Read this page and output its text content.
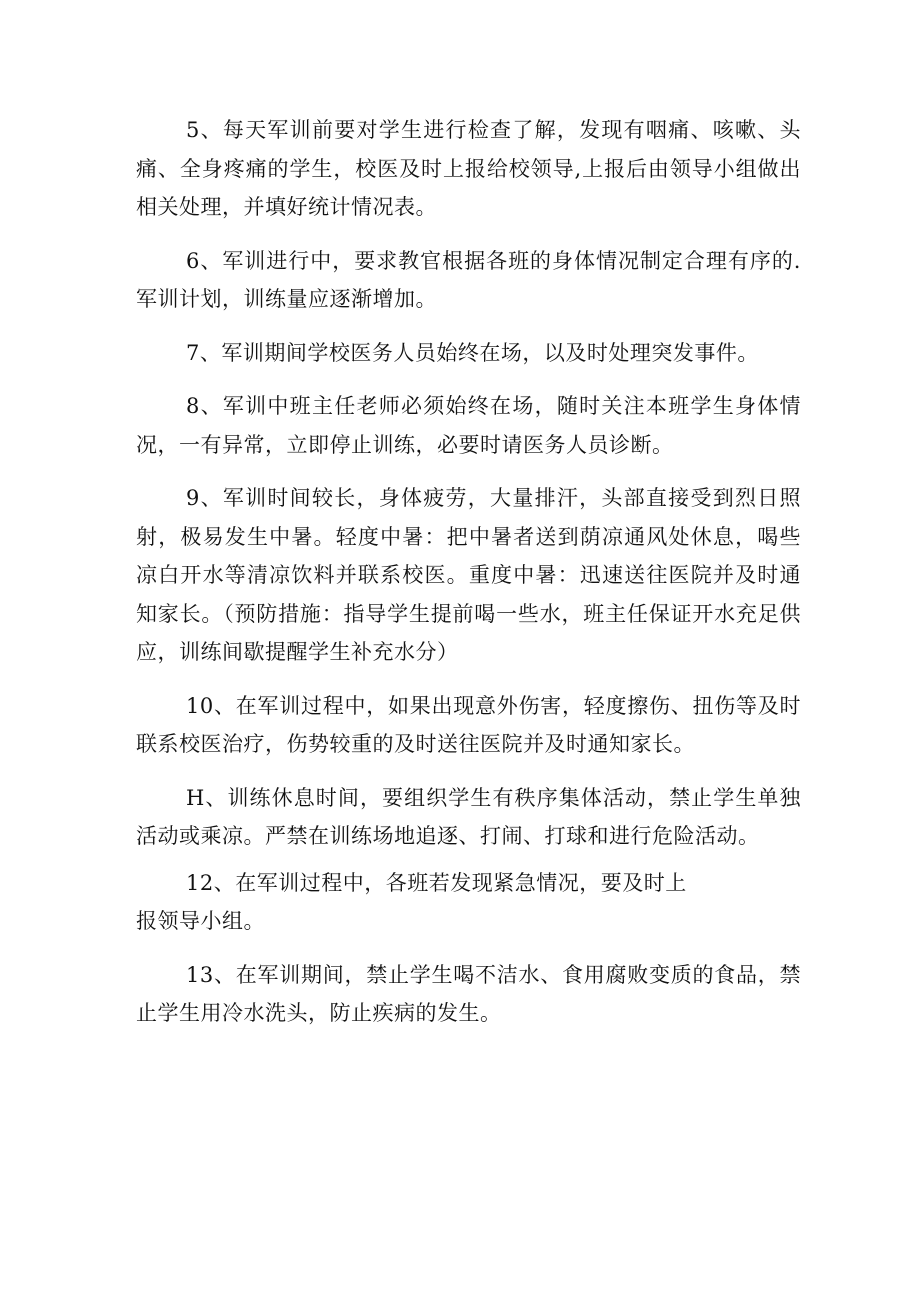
5、每天军训前要对学生进行检查了解，发现有咽痛、咳嗽、头痛、全身疼痛的学生，校医及时上报给校领导,上报后由领导小组做出相关处理，并填好统计情况表。

6、军训进行中，要求教官根据各班的身体情况制定合理有序的.军训计划，训练量应逐渐增加。

7、军训期间学校医务人员始终在场，以及时处理突发事件。

8、军训中班主任老师必须始终在场，随时关注本班学生身体情况，一有异常，立即停止训练，必要时请医务人员诊断。

9、军训时间较长，身体疲劳，大量排汗，头部直接受到烈日照射，极易发生中暑。轻度中暑：把中暑者送到荫凉通风处休息，喝些凉白开水等清凉饮料并联系校医。重度中暑：迅速送往医院并及时通知家长。（预防措施：指导学生提前喝一些水，班主任保证开水充足供应，训练间歇提醒学生补充水分）

10、在军训过程中，如果出现意外伤害，轻度擦伤、扭伤等及时联系校医治疗，伤势较重的及时送往医院并及时通知家长。

H、训练休息时间，要组织学生有秩序集体活动，禁止学生单独活动或乘凉。严禁在训练场地追逐、打闹、打球和进行危险活动。

12、在军训过程中，各班若发现紧急情况，要及时上
报领导小组。

13、在军训期间，禁止学生喝不洁水、食用腐败变质的食品，禁止学生用冷水洗头，防止疾病的发生。
